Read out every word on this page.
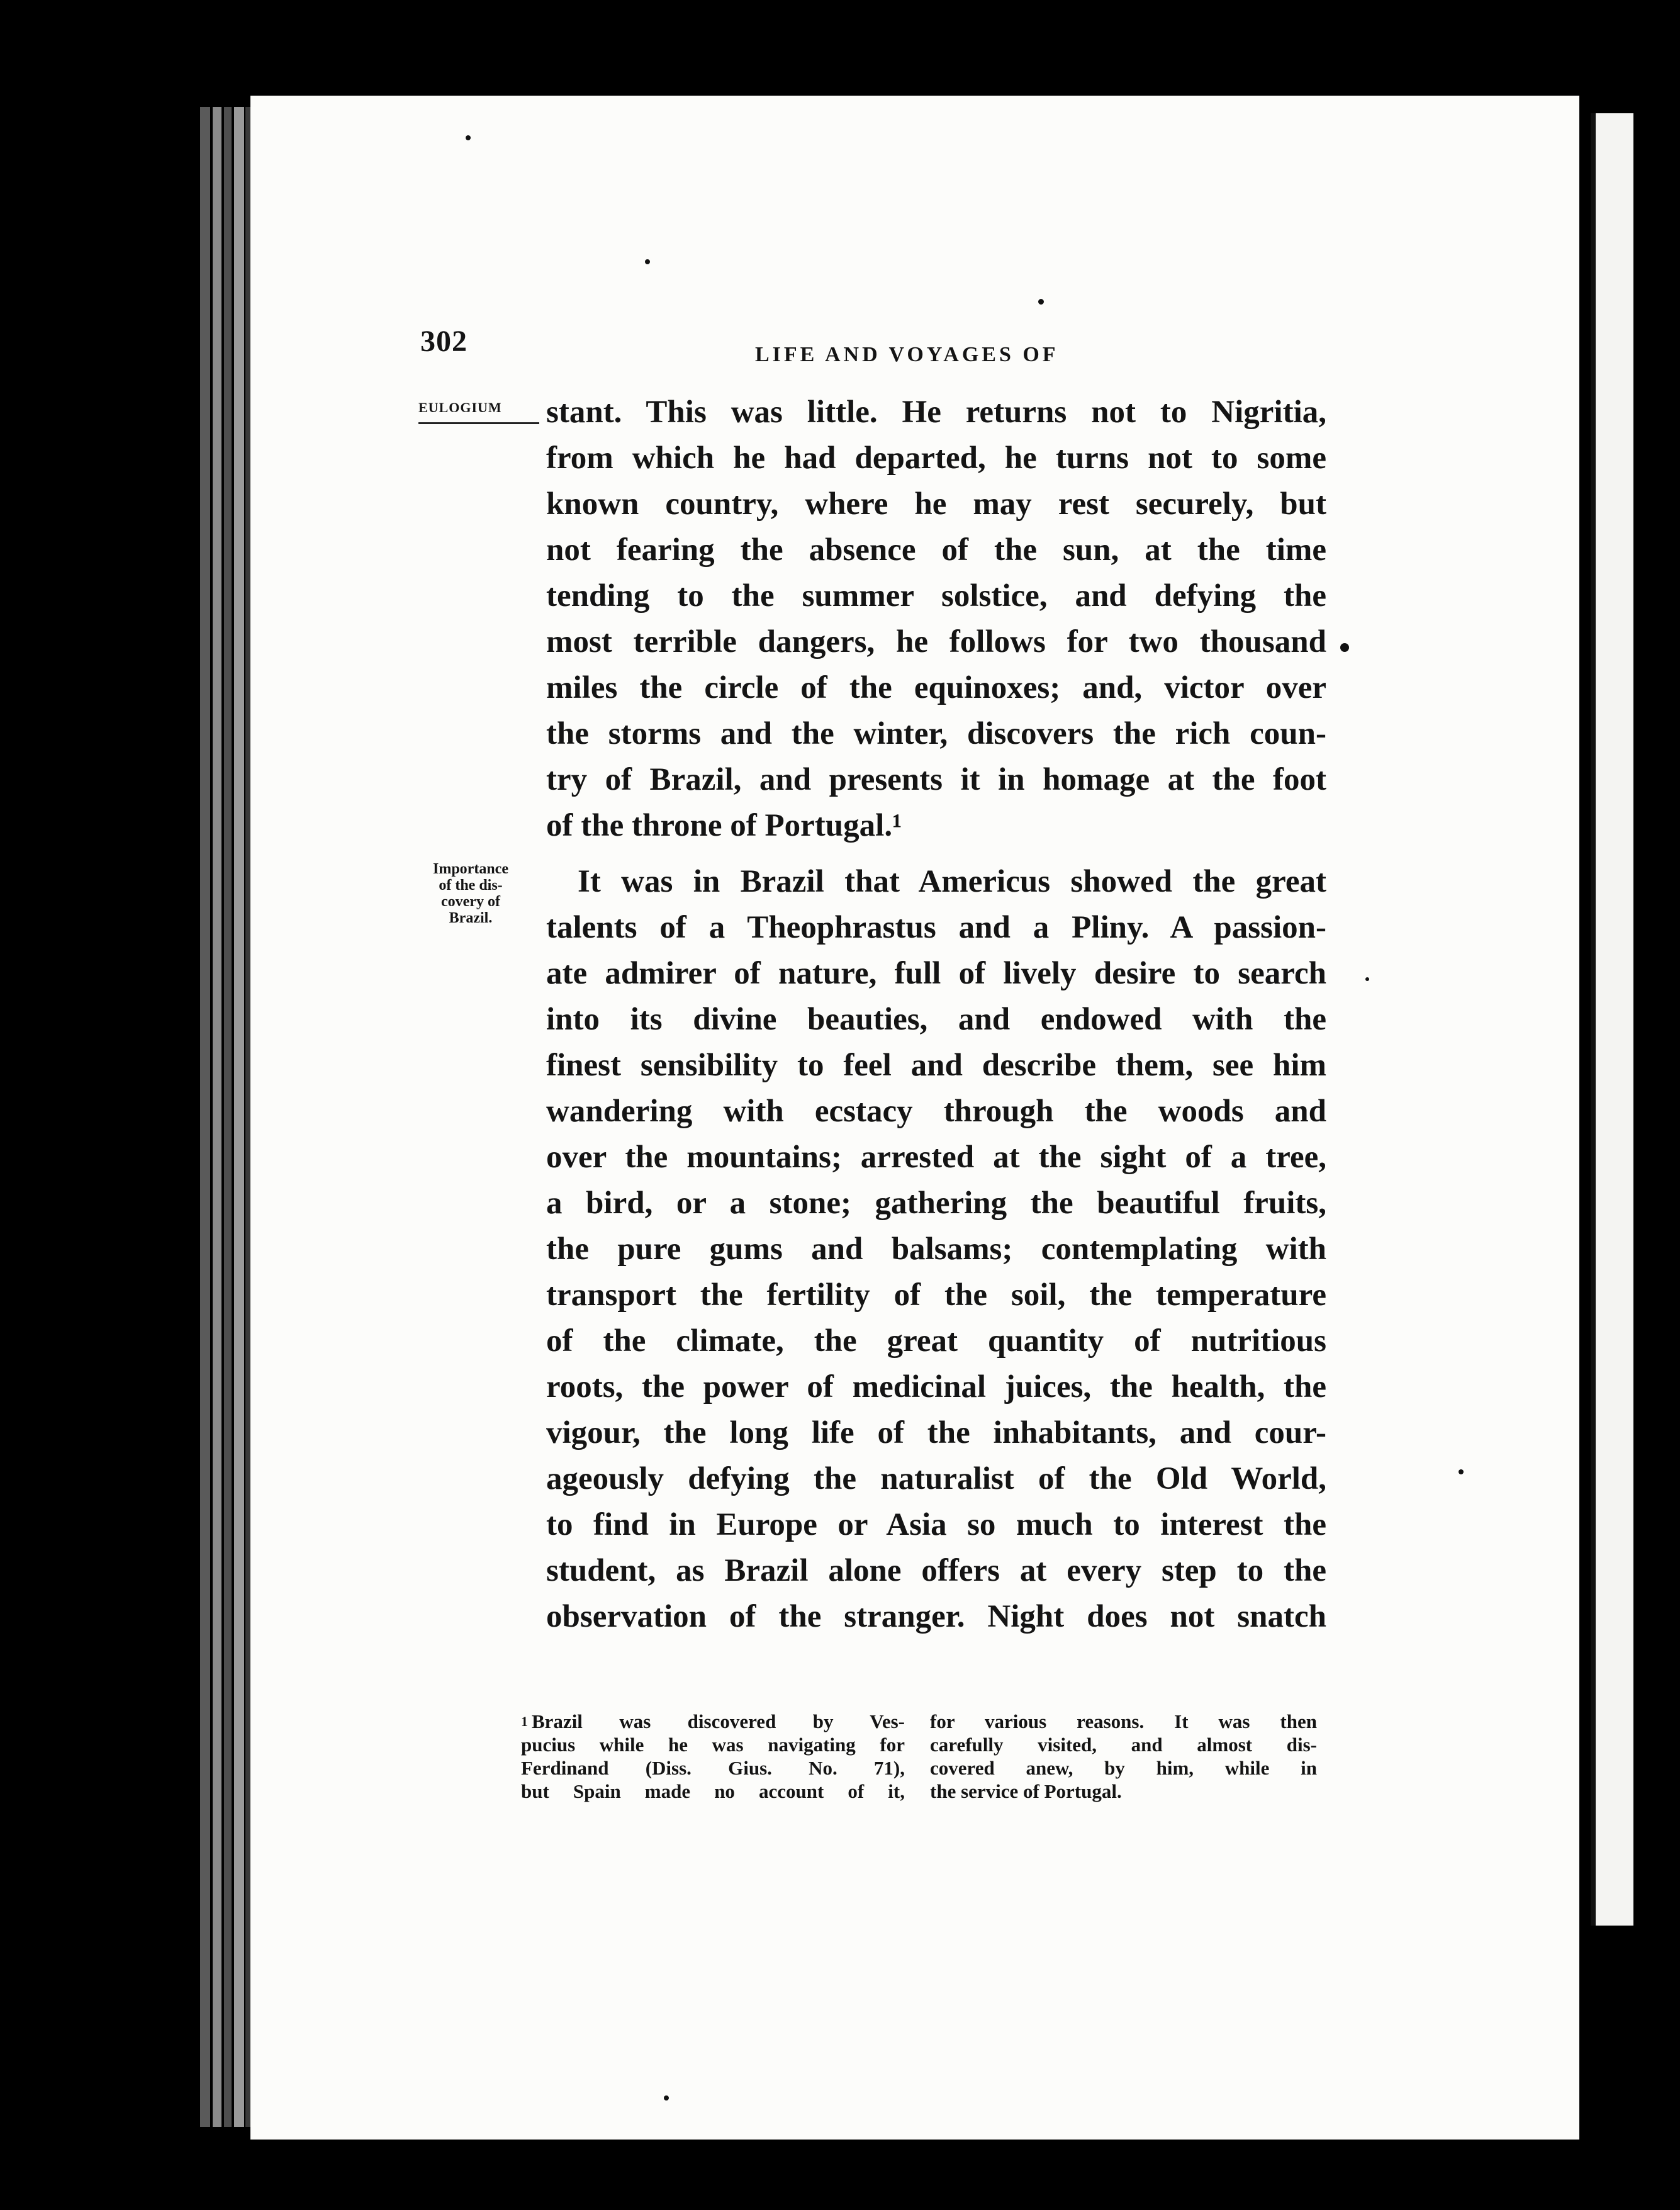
302	LIFE AND VOYAGES OF
EULOGIUM
Importance
of the dis-
covery of
Brazil.
stant. This was little. He returns not to Nigritia,
from which he had departed, he turns not to some
known country, where he may rest securely, but
not fearing the absence of the sun, at the time
tending to the summer solstice, and defying the
most terrible dangers, he follows for two thousand
miles the circle of the equinoxes; and, victor over
the storms and the winter, discovers the rich coun-
try of Brazil, and presents it in homage at the foot
of the throne of Portugal.¹
It was in Brazil that Americus showed the great
talents of a Theophrastus and a Pliny. A passion-
ate admirer of nature, full of lively desire to search
into its divine beauties, and endowed with the
finest sensibility to feel and describe them, see him
wandering with ecstacy through the woods and
over the mountains; arrested at the sight of a tree,
a bird, or a stone; gathering the beautiful fruits,
the pure gums and balsams; contemplating with
transport the fertility of the soil, the temperature
of the climate, the great quantity of nutritious
roots, the power of medicinal juices, the health, the
vigour, the long life of the inhabitants, and cour-
ageously defying the naturalist of the Old World,
to find in Europe or Asia so much to interest the
student, as Brazil alone offers at every step to the
observation of the stranger. Night does not snatch
$^1$ Brazil was discovered by Ves-
pucius while he was navigating for
Ferdinand (Diss. Gius. No. 71),
but Spain made no account of it,
for various reasons. It was then
carefully visited, and almost dis-
covered anew, by him, while in
the service of Portugal.
